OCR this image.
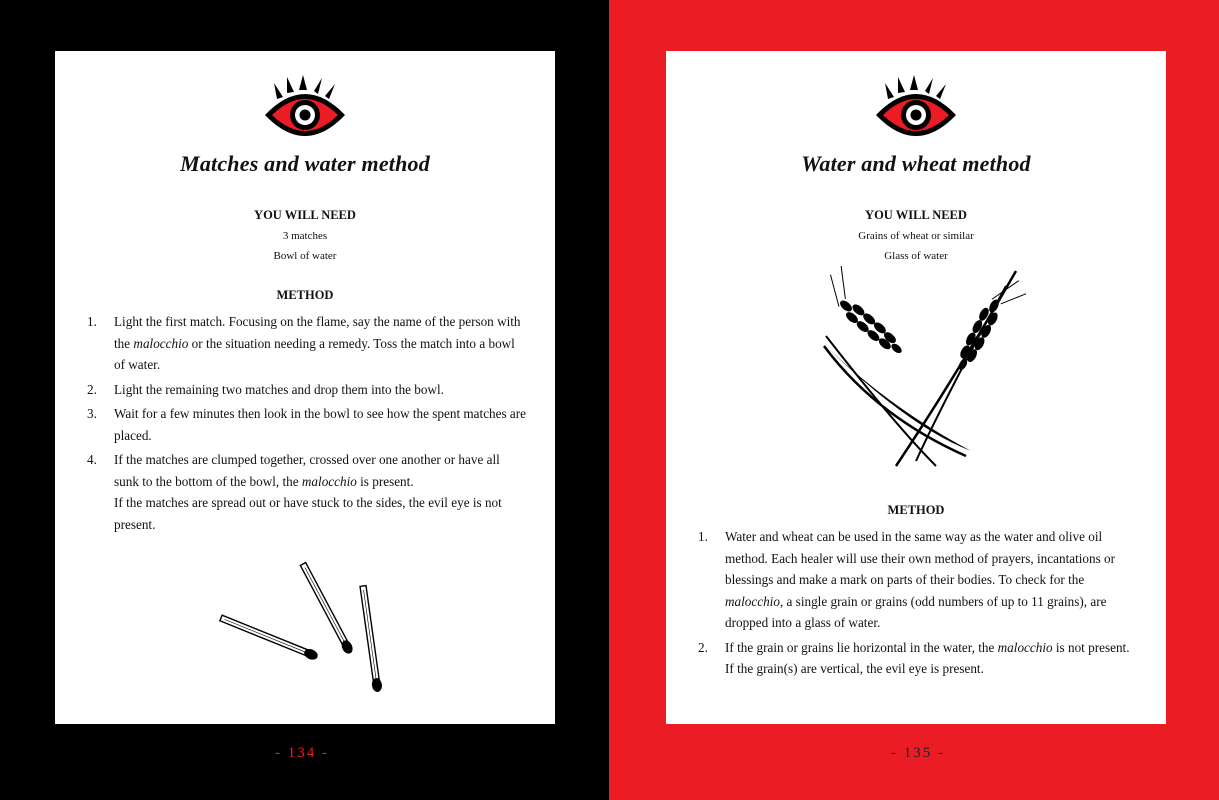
Matches and water method
YOU WILL NEED
3 matches
Bowl of water
METHOD
1. Light the first match. Focusing on the flame, say the name of the person with the malocchio or the situation needing a remedy. Toss the match into a bowl of water.
2. Light the remaining two matches and drop them into the bowl.
3. Wait for a few minutes then look in the bowl to see how the spent matches are placed.
4. If the matches are clumped together, crossed over one another or have all sunk to the bottom of the bowl, the malocchio is present.
If the matches are spread out or have stuck to the sides, the evil eye is not present.
- 134 -
Water and wheat method
YOU WILL NEED
Grains of wheat or similar
Glass of water
METHOD
1. Water and wheat can be used in the same way as the water and olive oil method. Each healer will use their own method of prayers, incantations or blessings and make a mark on parts of their bodies. To check for the malocchio, a single grain or grains (odd numbers of up to 11 grains), are dropped into a glass of water.
2. If the grain or grains lie horizontal in the water, the malocchio is not present. If the grain(s) are vertical, the evil eye is present.
- 135 -
